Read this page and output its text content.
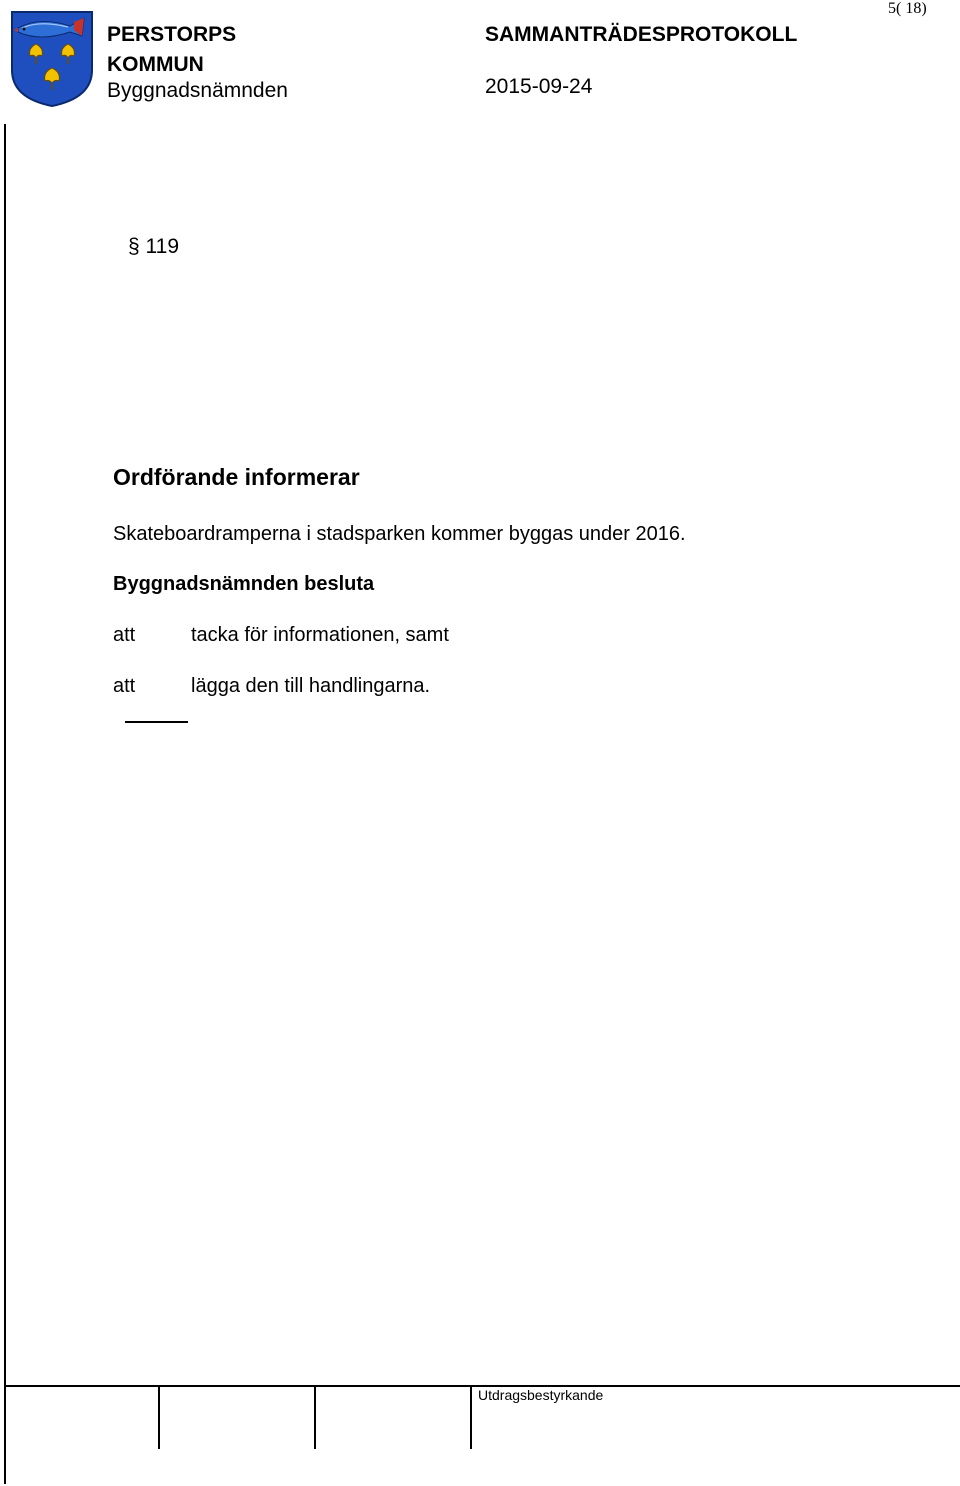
PERSTORPS
KOMMUN
Byggnadsnämnden
SAMMANTRÄDESPROTOKOLL
2015-09-24
5( 18)
§ 119
Ordförande informerar
Skateboardramperna i stadsparken kommer byggas under 2016.
Byggnadsnämnden besluta
att	tacka för informationen, samt
att	lägga den till handlingarna.
Utdragsbestyrkande
